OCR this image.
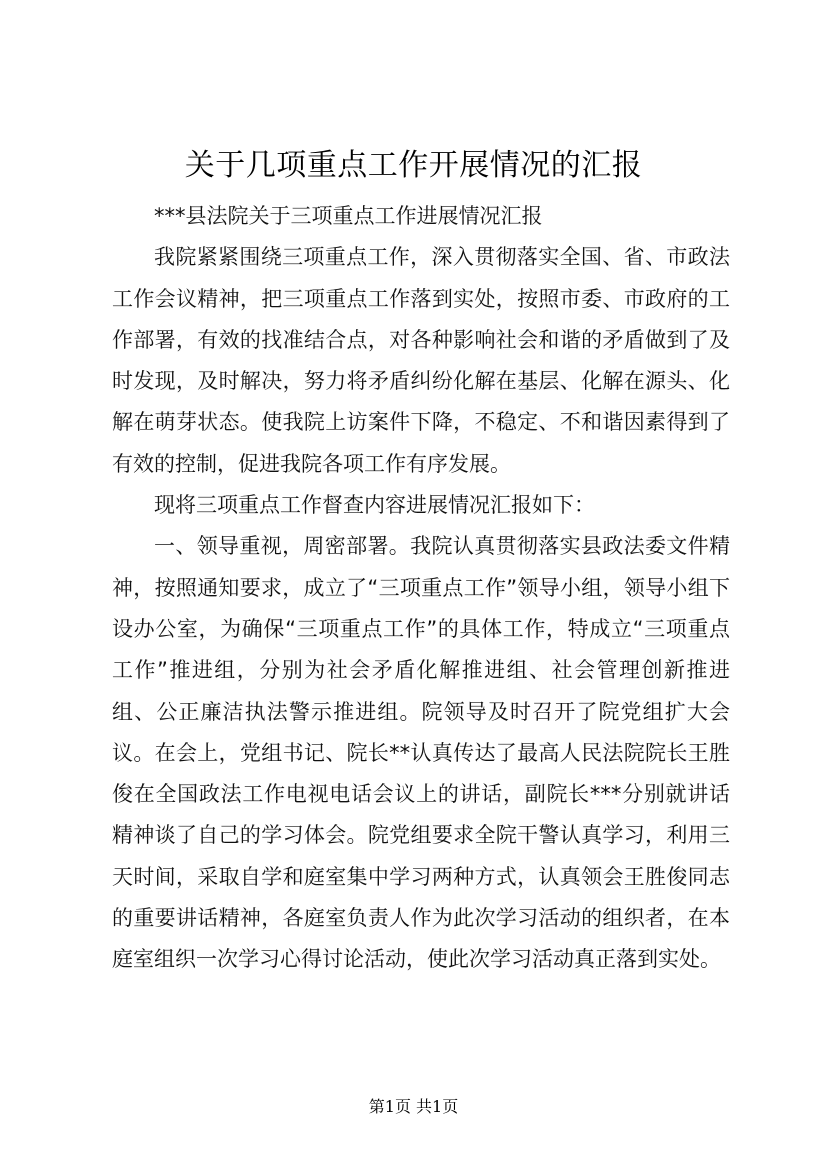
关于几项重点工作开展情况的汇报

***县法院关于三项重点工作进展情况汇报

我院紧紧围绕三项重点工作，深入贯彻落实全国、省、市政法工作会议精神，把三项重点工作落到实处，按照市委、市政府的工作部署，有效的找准结合点，对各种影响社会和谐的矛盾做到了及时发现，及时解决，努力将矛盾纠纷化解在基层、化解在源头、化解在萌芽状态。使我院上访案件下降，不稳定、不和谐因素得到了有效的控制，促进我院各项工作有序发展。

现将三项重点工作督查内容进展情况汇报如下：

一、领导重视，周密部署。我院认真贯彻落实县政法委文件精神，按照通知要求，成立了“三项重点工作”领导小组，领导小组下设办公室，为确保“三项重点工作”的具体工作，特成立“三项重点工作”推进组，分别为社会矛盾化解推进组、社会管理创新推进组、公正廉洁执法警示推进组。院领导及时召开了院党组扩大会议。在会上，党组书记、院长**认真传达了最高人民法院院长王胜俊在全国政法工作电视电话会议上的讲话，副院长***分别就讲话精神谈了自己的学习体会。院党组要求全院干警认真学习，利用三天时间，采取自学和庭室集中学习两种方式，认真领会王胜俊同志的重要讲话精神，各庭室负责人作为此次学习活动的组织者，在本庭室组织一次学习心得讨论活动，使此次学习活动真正落到实处。

第1页 共1页
